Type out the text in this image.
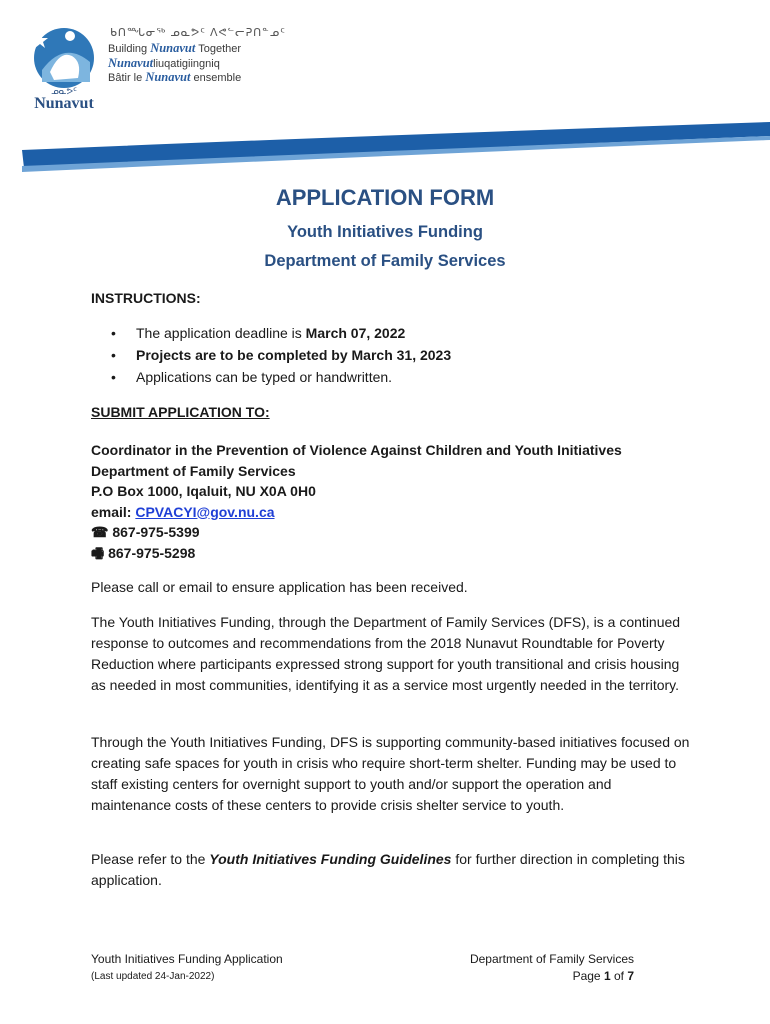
ᓄᓇᕗᑦ
Nunavut
ᑲᑎᙵᓂᖅ ᓄᓇᕗᑦ ᐱᕙᓪᓕᕈᑎᓐᓄᑦ
Building Nunavut Together
Nunavutliuqatigiingniq
Bâtir le Nunavut ensemble
APPLICATION FORM
Youth Initiatives Funding
Department of Family Services
INSTRUCTIONS:
• The application deadline is March 07, 2022
• Projects are to be completed by March 31, 2023
• Applications can be typed or handwritten.
SUBMIT APPLICATION TO:
Coordinator in the Prevention of Violence Against Children and Youth Initiatives
Department of Family Services
P.O Box 1000, Iqaluit, NU X0A 0H0
email: CPVACYI@gov.nu.ca
☎ 867-975-5399
🖷 867-975-5298
Please call or email to ensure application has been received.
The Youth Initiatives Funding, through the Department of Family Services (DFS), is a continued response to outcomes and recommendations from the 2018 Nunavut Roundtable for Poverty Reduction where participants expressed strong support for youth transitional and crisis housing as needed in most communities, identifying it as a service most urgently needed in the territory.
Through the Youth Initiatives Funding, DFS is supporting community-based initiatives focused on creating safe spaces for youth in crisis who require short-term shelter. Funding may be used to staff existing centers for overnight support to youth and/or support the operation and maintenance costs of these centers to provide crisis shelter service to youth.
Please refer to the Youth Initiatives Funding Guidelines for further direction in completing this application.
Youth Initiatives Funding Application
(Last updated 24-Jan-2022)
Department of Family Services
Page 1 of 7
